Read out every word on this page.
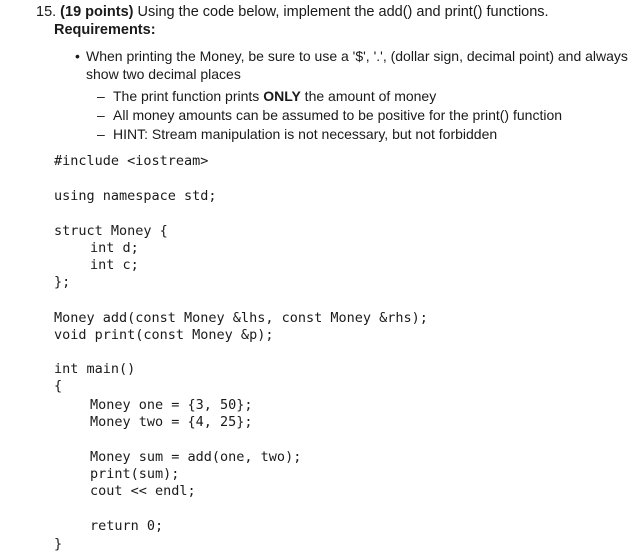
15. (19 points) Using the code below, implement the add() and print() functions.
Requirements:
• When printing the Money, be sure to use a '$', '.', (dollar sign, decimal point) and always show two decimal places
– The print function prints ONLY the amount of money
– All money amounts can be assumed to be positive for the print() function
– HINT: Stream manipulation is not necessary, but not forbidden
#include <iostream>
using namespace std;
struct Money {
int d;
int c;
};
Money add(const Money &lhs, const Money &rhs);
void print(const Money &p);
int main()
{
Money one = {3, 50};
Money two = {4, 25};
Money sum = add(one, two);
print(sum);
cout << endl;
return 0;
}
